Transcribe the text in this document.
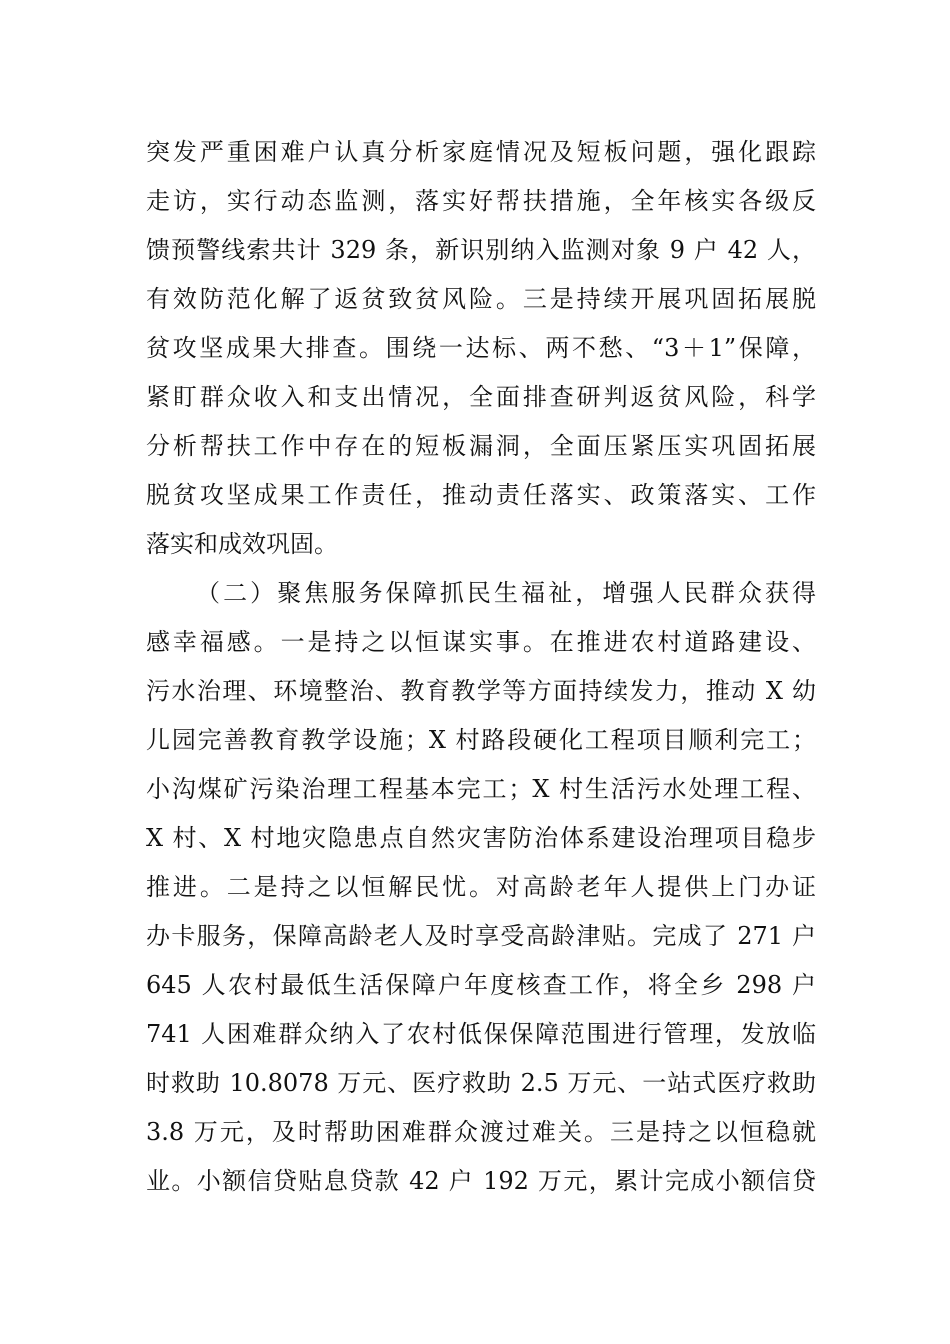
突发严重困难户认真分析家庭情况及短板问题，强化跟踪
走访，实行动态监测，落实好帮扶措施，全年核实各级反
馈预警线索共计 329 条，新识别纳入监测对象 9 户 42 人，
有效防范化解了返贫致贫风险。三是持续开展巩固拓展脱
贫攻坚成果大排查。围绕一达标、两不愁、“3＋1”保障，
紧盯群众收入和支出情况，全面排查研判返贫风险，科学
分析帮扶工作中存在的短板漏洞，全面压紧压实巩固拓展
脱贫攻坚成果工作责任，推动责任落实、政策落实、工作
落实和成效巩固。
（二）聚焦服务保障抓民生福祉，增强人民群众获得
感幸福感。一是持之以恒谋实事。在推进农村道路建设、
污水治理、环境整治、教育教学等方面持续发力，推动 X 幼
儿园完善教育教学设施；X 村路段硬化工程项目顺利完工；
小沟煤矿污染治理工程基本完工；X 村生活污水处理工程、
X 村、X 村地灾隐患点自然灾害防治体系建设治理项目稳步
推进。二是持之以恒解民忧。对高龄老年人提供上门办证
办卡服务，保障高龄老人及时享受高龄津贴。完成了 271 户
645 人农村最低生活保障户年度核查工作，将全乡 298 户
741 人困难群众纳入了农村低保保障范围进行管理，发放临
时救助 10.8078 万元、医疗救助 2.5 万元、一站式医疗救助
3.8 万元，及时帮助困难群众渡过难关。三是持之以恒稳就
业。小额信贷贴息贷款 42 户 192 万元，累计完成小额信贷
